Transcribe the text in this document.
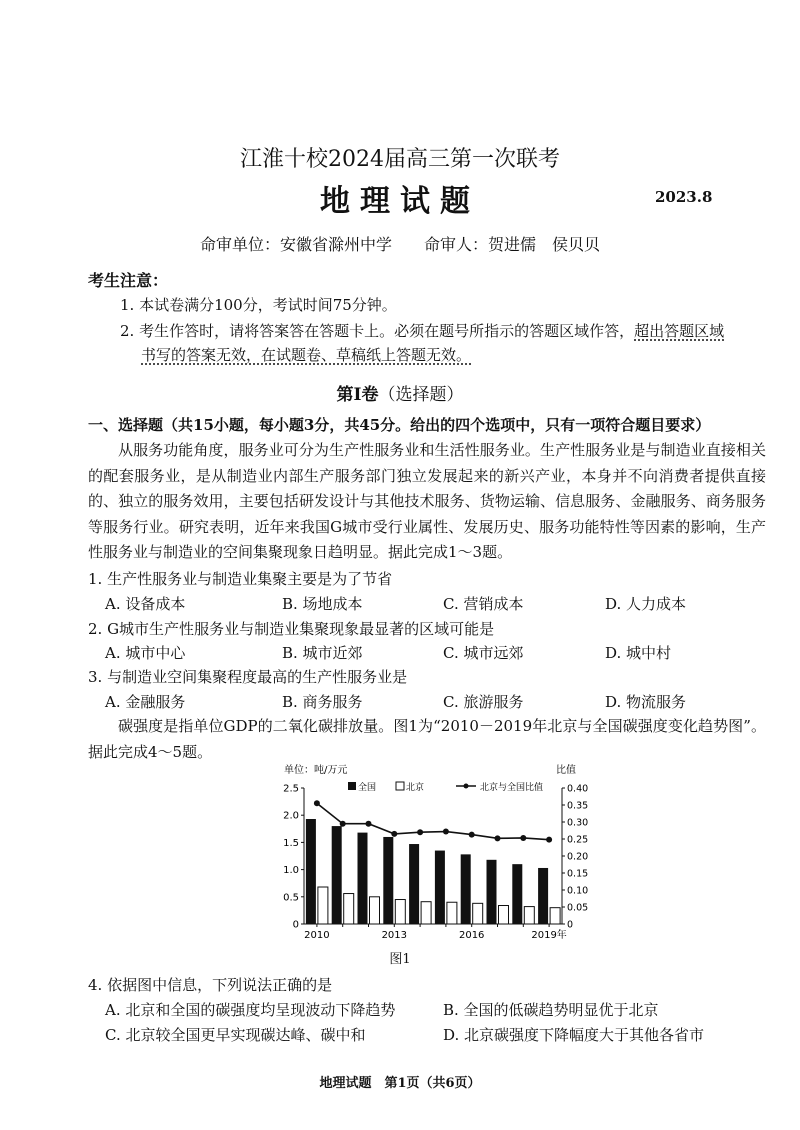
江淮十校2024届高三第一次联考
地理试题	2023.8
命审单位：安徽省滁州中学　　命审人：贺进儒　侯贝贝
考生注意：
1. 本试卷满分100分，考试时间75分钟。
2. 考生作答时，请将答案答在答题卡上。必须在题号所指示的答题区域作答，超出答题区域
书写的答案无效，在试题卷、草稿纸上答题无效。
第Ⅰ卷（选择题）
一、选择题（共15小题，每小题3分，共45分。给出的四个选项中，只有一项符合题目要求）
从服务功能角度，服务业可分为生产性服务业和生活性服务业。生产性服务业是与制造业直接相关的配套服务业，是从制造业内部生产服务部门独立发展起来的新兴产业，本身并不向消费者提供直接的、独立的服务效用，主要包括研发设计与其他技术服务、货物运输、信息服务、金融服务、商务服务等服务行业。研究表明，近年来我国G城市受行业属性、发展历史、服务功能特性等因素的影响，生产性服务业与制造业的空间集聚现象日趋明显。据此完成1～3题。
1. 生产性服务业与制造业集聚主要是为了节省
A. 设备成本	B. 场地成本	C. 营销成本	D. 人力成本
2. G城市生产性服务业与制造业集聚现象最显著的区域可能是
A. 城市中心	B. 城市近郊	C. 城市远郊	D. 城中村
3. 与制造业空间集聚程度最高的生产性服务业是
A. 金融服务	B. 商务服务	C. 旅游服务	D. 物流服务
碳强度是指单位GDP的二氧化碳排放量。图1为“2010－2019年北京与全国碳强度变化趋势图”。据此完成4～5题。
单位：吨/万元	比值
全国	北京	北京与全国比值
0
0.5
1.0
1.5
2.0
2.5
0
0.05
0.10
0.15
0.20
0.25
0.30
0.35
0.40
2010	2013	2016	2019年
图1
4. 依据图中信息，下列说法正确的是
A. 北京和全国的碳强度均呈现波动下降趋势	B. 全国的低碳趋势明显优于北京
C. 北京较全国更早实现碳达峰、碳中和	D. 北京碳强度下降幅度大于其他各省市
地理试题　第1页（共6页）
